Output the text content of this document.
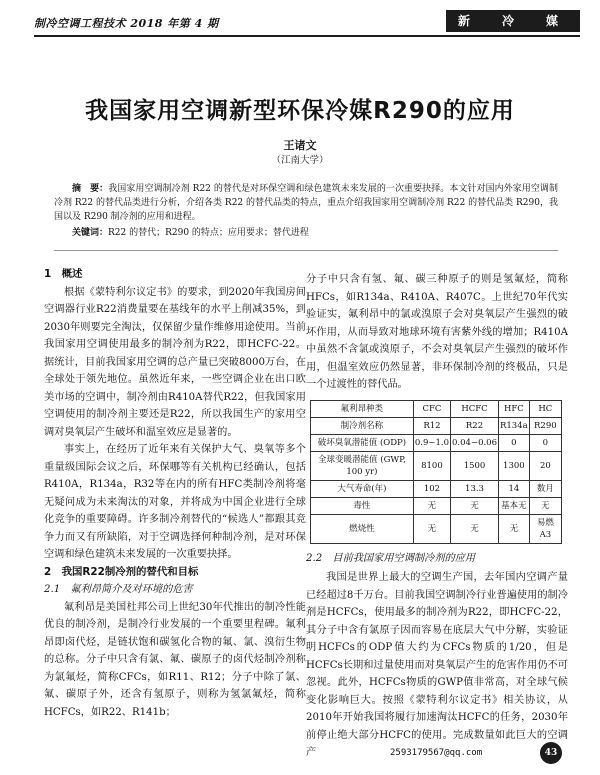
制冷空调工程技术 2018 年第 4 期	新　冷　媒
我国家用空调新型环保冷媒R290的应用
王诸文
（江南大学）
摘　要：我国家用空调制冷剂 R22 的替代是对环保空调和绿色建筑未来发展的一次重要抉择。本文针对国内外家用空调制冷剂 R22 的替代品类进行分析，介绍各类 R22 的替代品类的特点，重点介绍我国家用空调制冷剂 R22 的替代品类 R290，我国以及 R290 制冷剂的应用和进程。
关键词：R22 的替代；R290 的特点；应用要求；替代进程
1　概述

根据《蒙特利尔议定书》的要求，到2020年我国房间空调器行业R22消费量要在基线年的水平上削减35%，到2030年则要完全淘汰，仅保留少量作维修用途使用。当前我国家用空调使用最多的制冷剂为R22，即HCFC-22。据统计，目前我国家用空调的总产量已突破8000万台，在全球处于领先地位。虽然近年来，一些空调企业在出口欧美市场的空调中，制冷剂由R410A替代R22，但我国家用空调使用的制冷剂主要还是R22，所以我国生产的家用空调对臭氧层产生破坏和温室效应是显著的。

事实上，在经历了近年来有关保护大气、臭氧等多个重量级国际会议之后，环保哪等有关机构已经确认，包括R410A，R134a，R32等在内的所有HFC类制冷剂将毫无疑问成为未来淘汰的对象，并将成为中国企业进行全球化竞争的重要障碍。许多制冷剂替代的“候选人”都跟其竞争力而又有所缺陷，对于空调选择何种制冷剂，是对环保空调和绿色建筑未来发展的一次重要抉择。

2　我国R22制冷剂的替代和目标
2.1　氟利昂简介及对环境的危害

氟利昂是美国杜邦公司上世纪30年代推出的制冷性能优良的制冷剂，是制冷行业发展的一个重要里程碑。氟利昂即卤代烃，是链状饱和碳氢化合物的氟、氯、溴衍生物的总称。分子中只含有氯、氟、碳原子的卤代烃制冷剂称为氯氟烃，简称CFCs，如R11、R12；分子中除了氯、氟、碳原子外，还含有氢原子，则称为氢氯氟烃，简称HCFCs，如R22、R141b；

分子中只含有氢、氟、碳三种原子的则是氢氟烃，简称HFCs，如R134a、R410A、R407C。上世纪70年代实验证实，氟利昂中的氯或溴原子会对臭氧层产生强烈的破坏作用，从而导致对地球环境有害紫外线的增加；R410A中虽然不含氯或溴原子，不会对臭氧层产生强烈的破坏作用，但温室效应仍然显著，非环保制冷剂的终极品，只是一个过渡性的替代品。

氟利昂种类	CFC	HCFC	HFC	HC
制冷剂名称	R12	R22	R134a	R290
破坏臭氧潜能值 (ODP)	0.9~1.0	0.04~0.06	0	0
全球变暖潜能值 (GWP, 100 yr)	8100	1500	1300	20
大气寿命(年)	102	13.3	14	数月
毒性	无	无	基本无	无
燃烧性	无	无	无	易燃 A3
2.2　目前我国家用空调制冷剂的应用

我国是世界上最大的空调生产国，去年国内空调产量已经超过8千万台。目前我国空调制冷行业普遍使用的制冷剂是HCFCs，使用最多的制冷剂为R22，即HCFC-22，其分子中含有氯原子因而容易在底层大气中分解，实验证明HCFCs的ODP值大约为CFCs物质的1/20，但是HCFCs长期和过量使用而对臭氧层产生的危害作用仍不可忽视。此外，HCFCs物质的GWP值非常高，对全球气候变化影响巨大。按照《蒙特利尔议定书》相关协议，从2010年开始我国将履行加速淘汰HCFC的任务，2030年前停止绝大部分HCFC的使用。完成数量如此巨大的空调产	2593179567@qq.com	43
